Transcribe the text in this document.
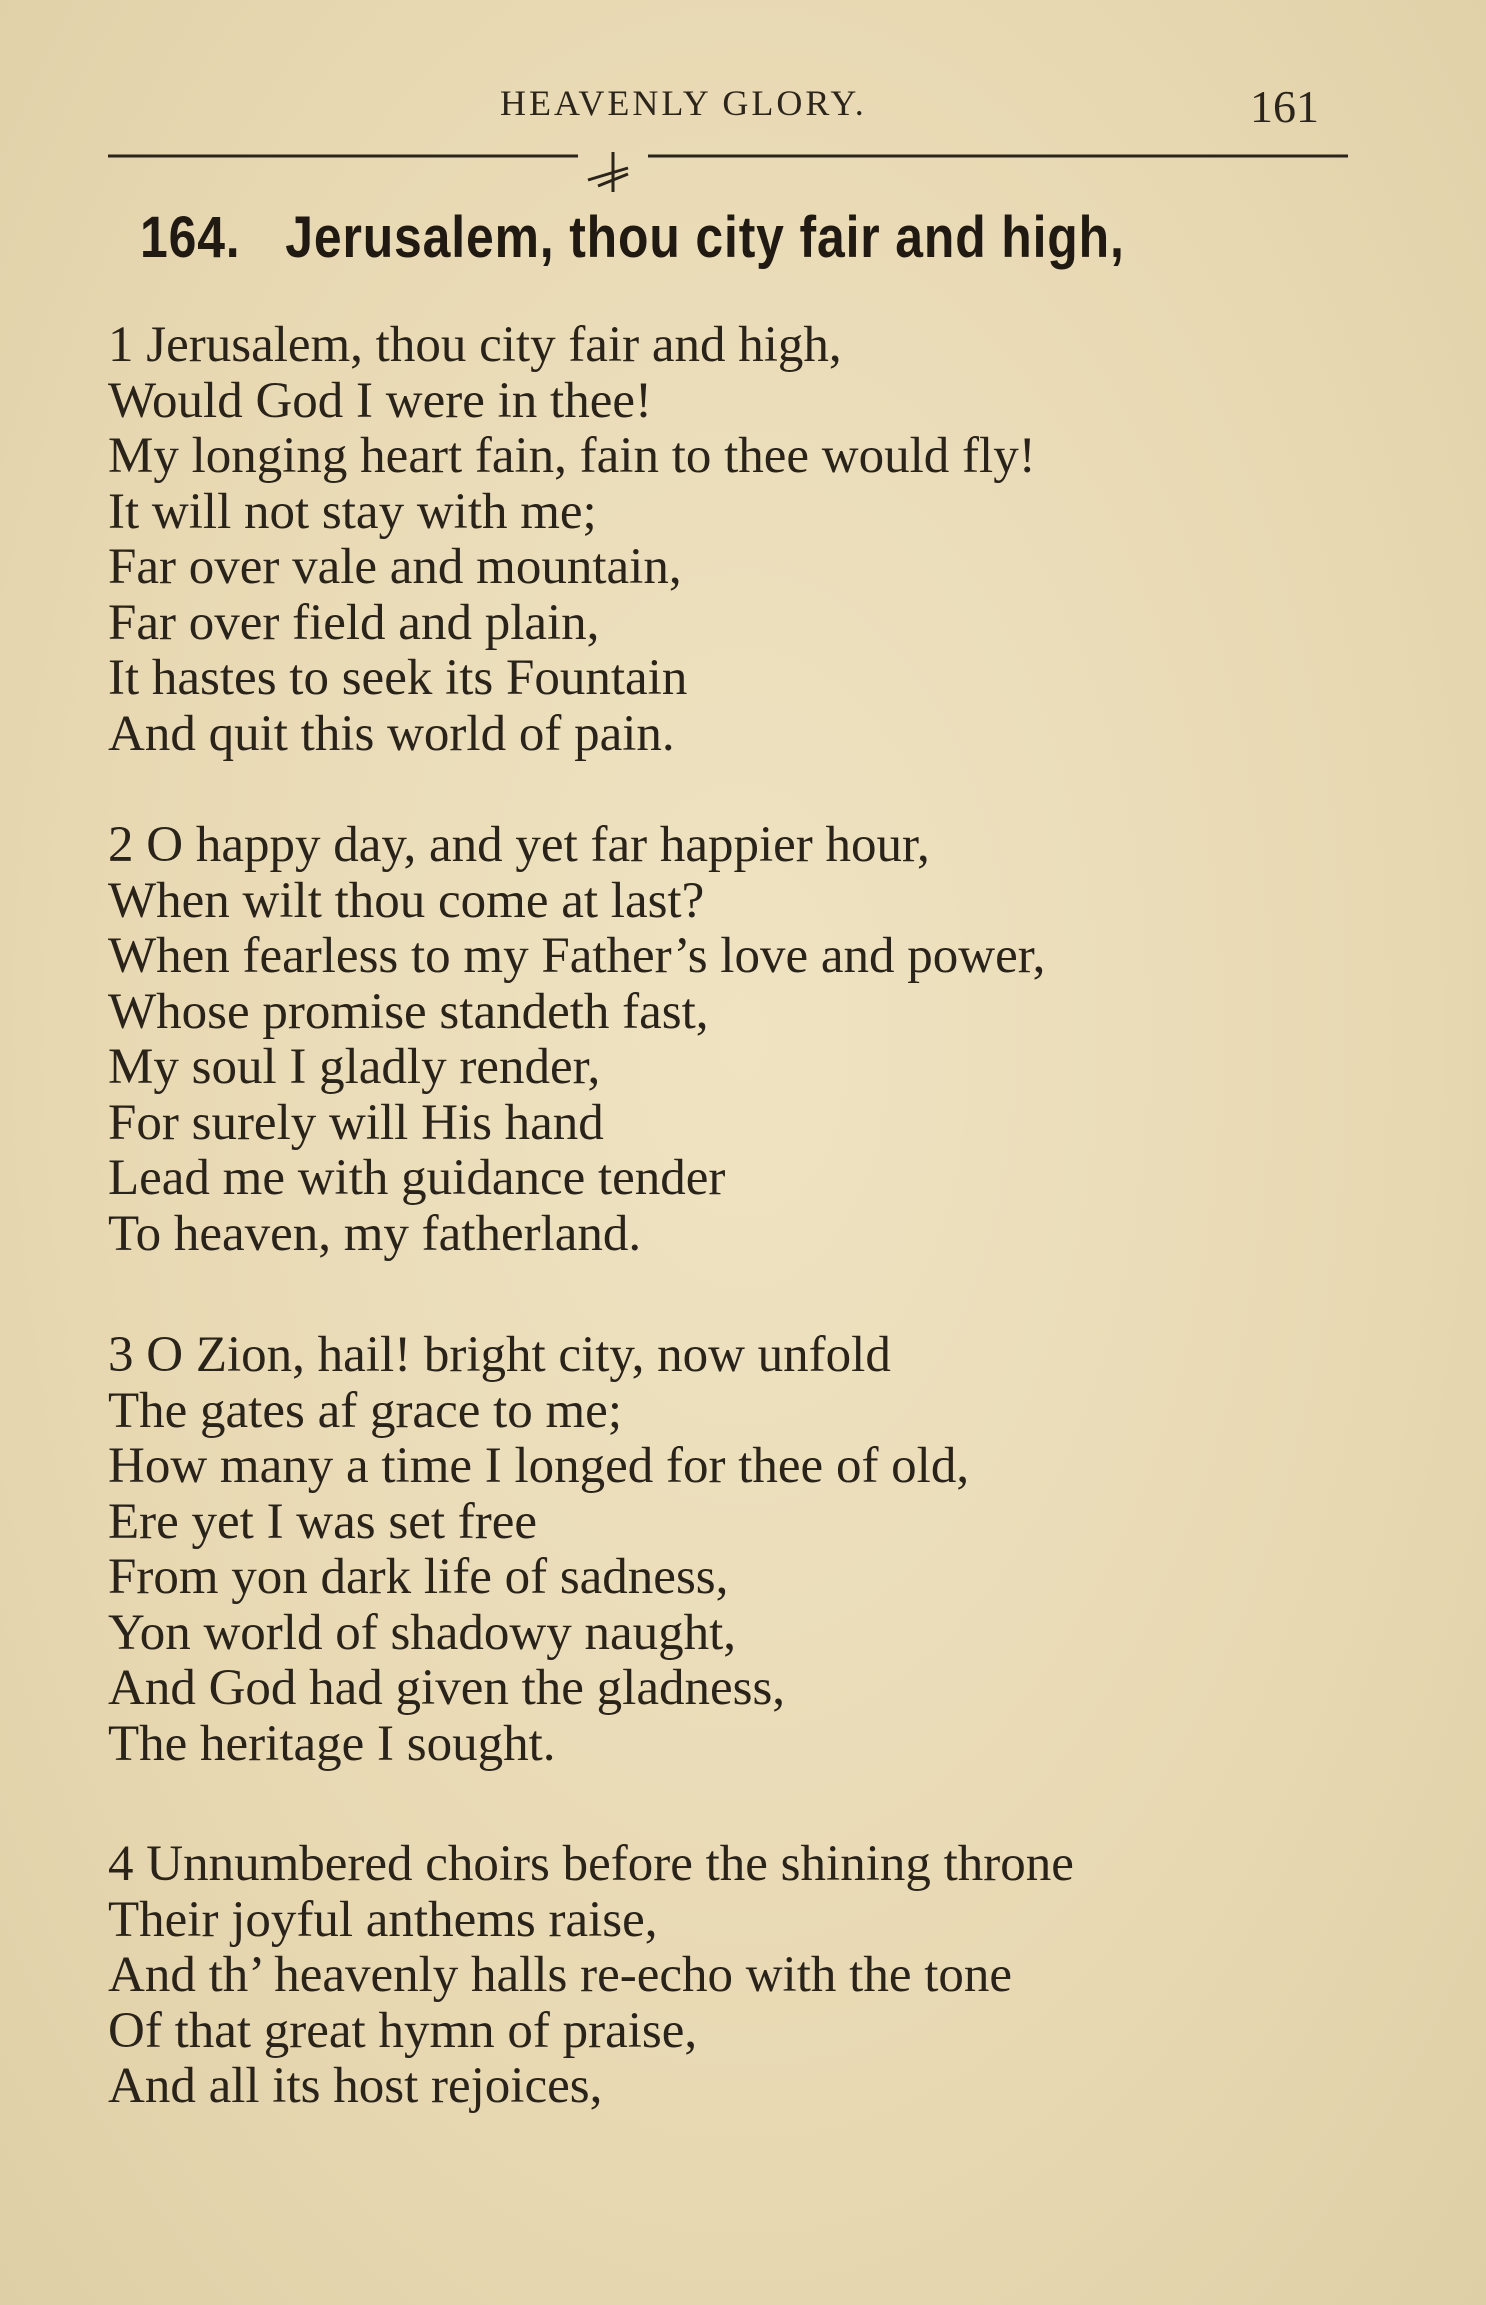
HEAVENLY GLORY.	161
164. Jerusalem, thou city fair and high,
1 Jerusalem, thou city fair and high,
Would God I were in thee!
My longing heart fain, fain to thee would fly!
It will not stay with me;
Far over vale and mountain,
Far over field and plain,
It hastes to seek its Fountain
And quit this world of pain.
2 O happy day, and yet far happier hour,
When wilt thou come at last?
When fearless to my Father’s love and power,
Whose promise standeth fast,
My soul I gladly render,
For surely will His hand
Lead me with guidance tender
To heaven, my fatherland.
3 O Zion, hail! bright city, now unfold
The gates af grace to me;
How many a time I longed for thee of old,
Ere yet I was set free
From yon dark life of sadness,
Yon world of shadowy naught,
And God had given the gladness,
The heritage I sought.
4 Unnumbered choirs before the shining throne
Their joyful anthems raise,
And th’ heavenly halls re-echo with the tone
Of that great hymn of praise,
And all its host rejoices,
